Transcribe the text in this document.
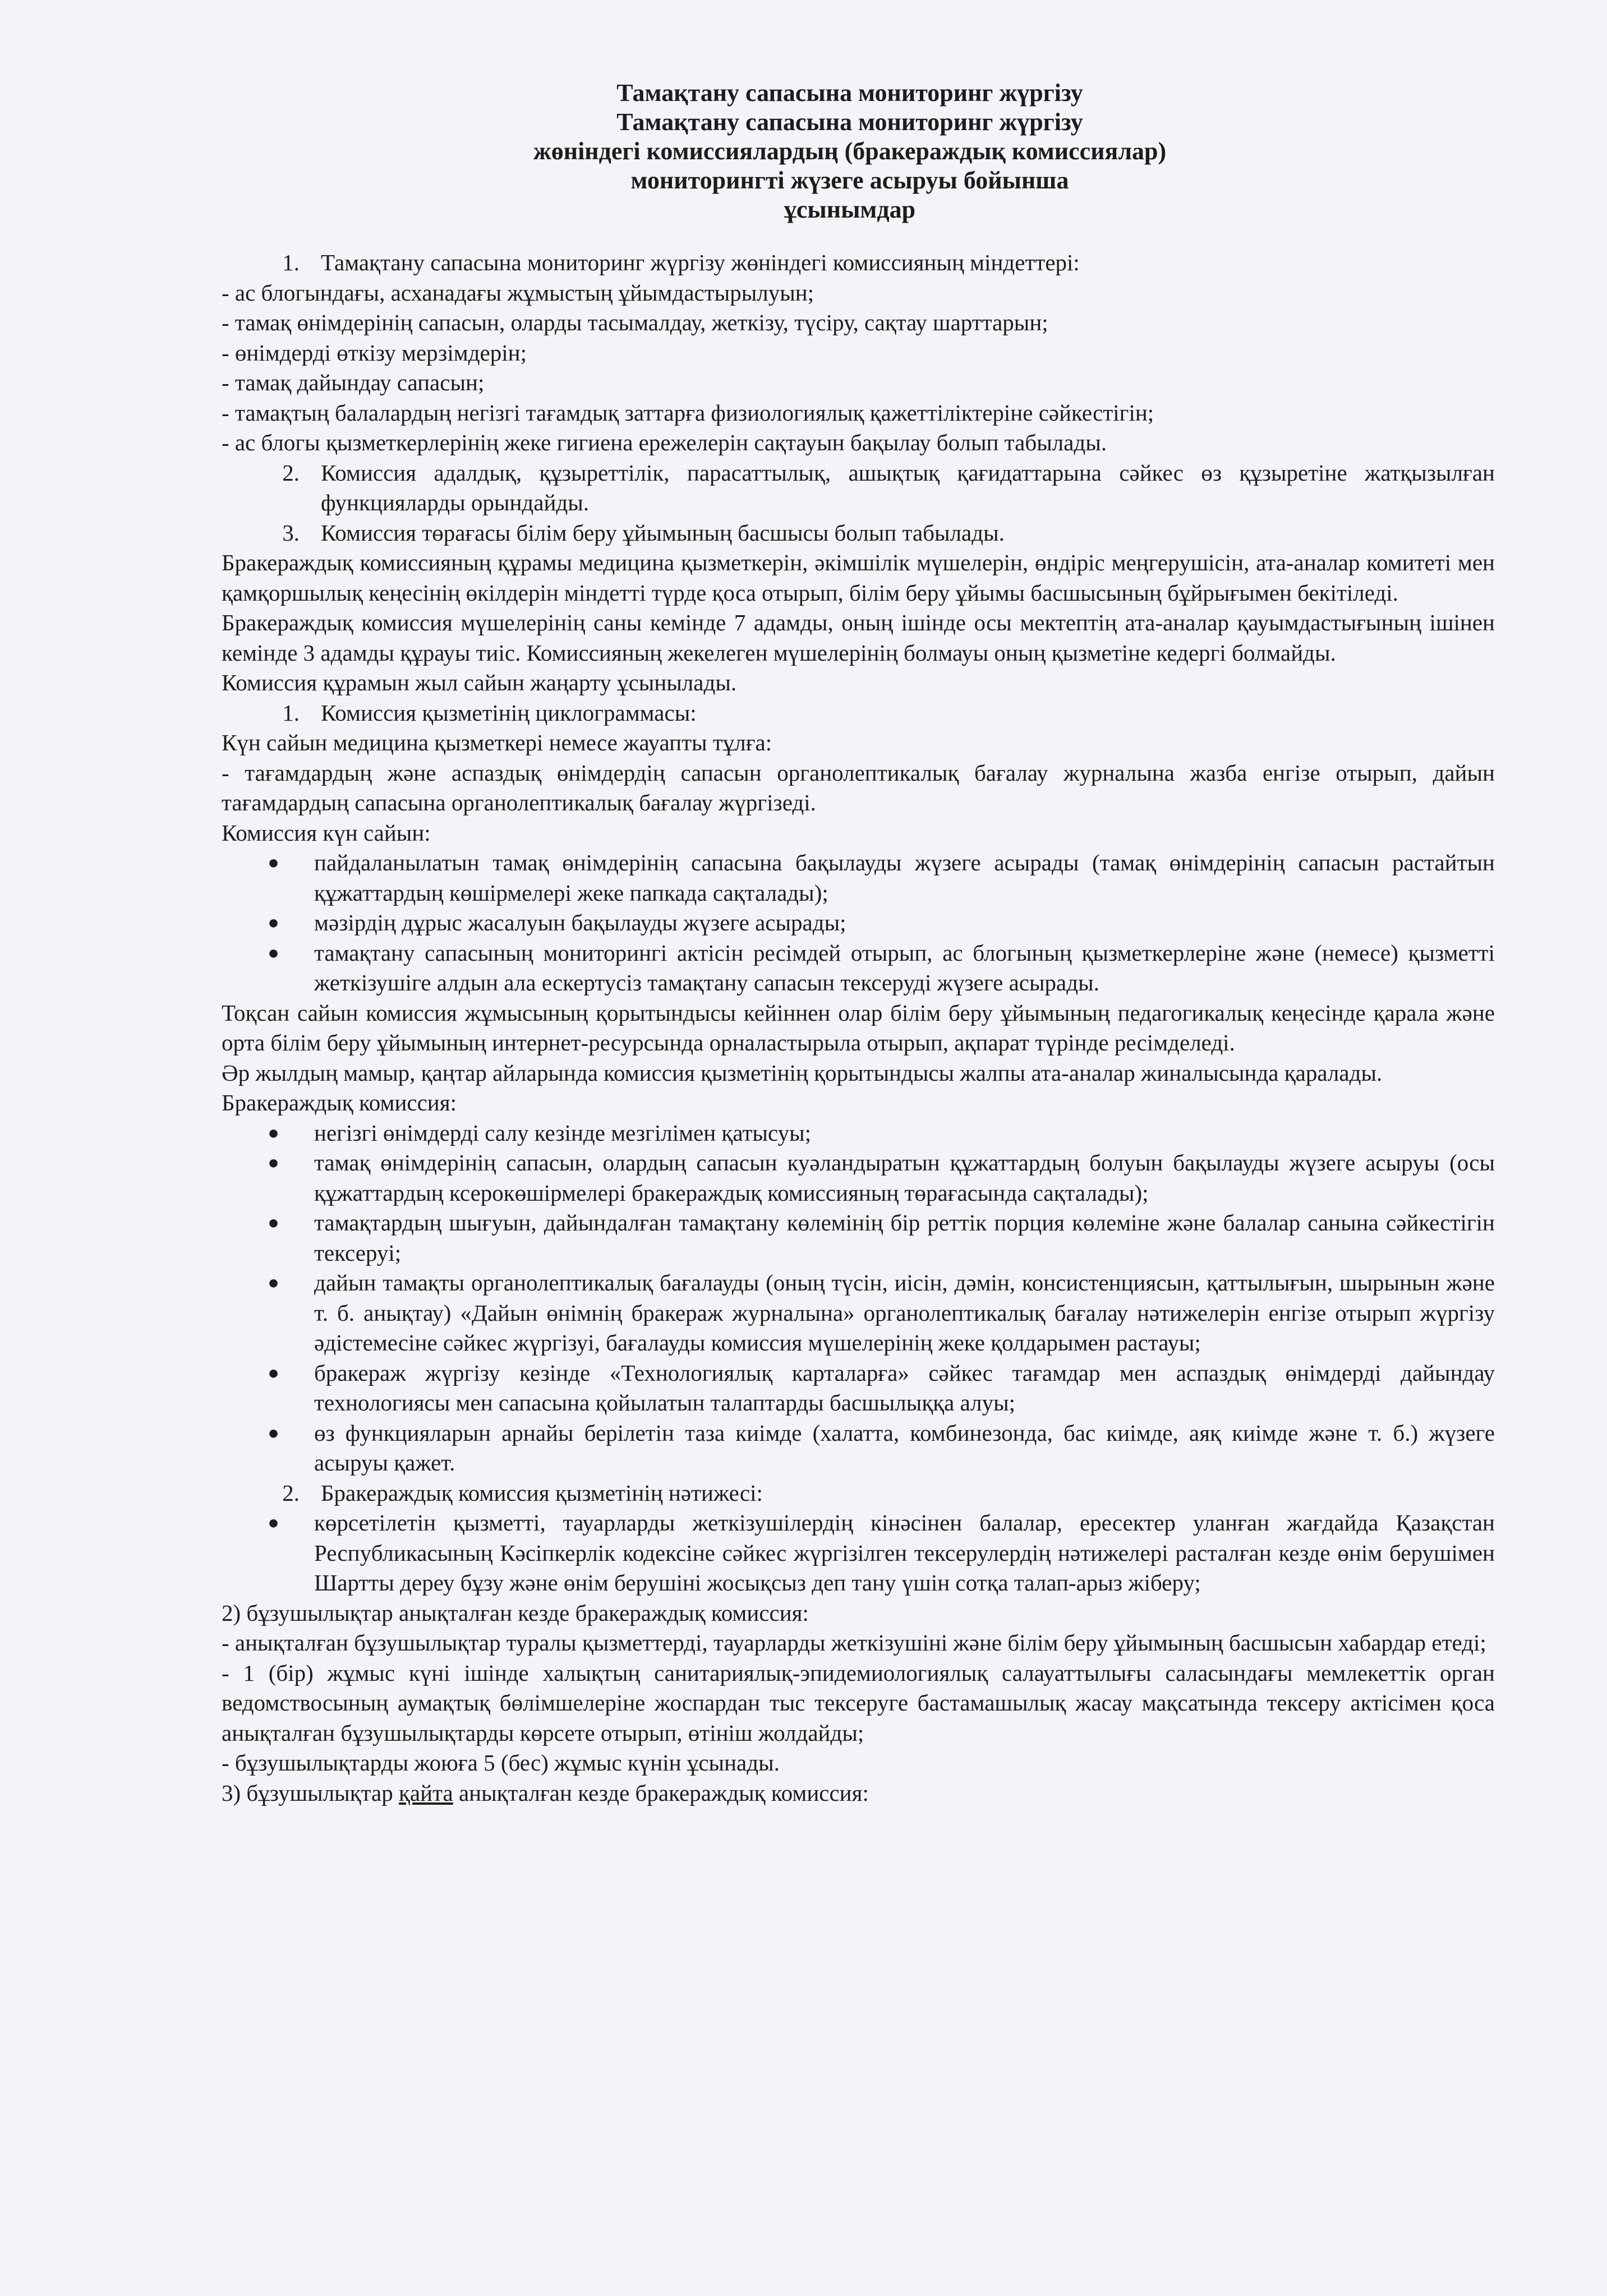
Тамақтану сапасына мониторинг жүргізу
Тамақтану сапасына мониторинг жүргізу
жөніндегі комиссиялардың (бракераждық комиссиялар)
мониторингті жүзеге асыруы бойынша
ұсынымдар
1. Тамақтану сапасына мониторинг жүргізу жөніндегі комиссияның міндеттері:

- ас блогындағы, асханадағы жұмыстың ұйымдастырылуын;

- тамақ өнімдерінің сапасын, оларды тасымалдау, жеткізу, түсіру, сақтау шарттарын;

- өнімдерді өткізу мерзімдерін;

- тамақ дайындау сапасын;

- тамақтың балалардың негізгі тағамдық заттарға физиологиялық қажеттіліктеріне сәйкестігін;

- ас блогы қызметкерлерінің жеке гигиена ережелерін сақтауын бақылау болып табылады.

2. Комиссия адалдық, құзыреттілік, парасаттылық, ашықтық қағидаттарына сәйкес өз құзыретіне жатқызылған функцияларды орындайды.
3. Комиссия төрағасы білім беру ұйымының басшысы болып табылады.

Бракераждық комиссияның құрамы медицина қызметкерін, әкімшілік мүшелерін, өндіріс меңгерушісін, ата-аналар комитеті мен қамқоршылық кеңесінің өкілдерін міндетті түрде қоса отырып, білім беру ұйымы басшысының бұйрығымен бекітіледі.

Бракераждық комиссия мүшелерінің саны кемінде 7 адамды, оның ішінде осы мектептің ата-аналар қауымдастығының ішінен кемінде 3 адамды құрауы тиіс. Комиссияның жекелеген мүшелерінің болмауы оның қызметіне кедергі болмайды.

Комиссия құрамын жыл сайын жаңарту ұсынылады.

1. Комиссия қызметінің циклограммасы:

Күн сайын медицина қызметкері немесе жауапты тұлға:

- тағамдардың және аспаздық өнімдердің сапасын органолептикалық бағалау журналына жазба енгізе отырып, дайын тағамдардың сапасына органолептикалық бағалау жүргізеді.

Комиссия күн сайын:

●	пайдаланылатын тамақ өнімдерінің сапасына бақылауды жүзеге асырады (тамақ өнімдерінің сапасын растайтын құжаттардың көшірмелері жеке папкада сақталады);
●	мәзірдің дұрыс жасалуын бақылауды жүзеге асырады;
●	тамақтану сапасының мониторингі актісін ресімдей отырып, ас блогының қызметкерлеріне және (немесе) қызметті жеткізушіге алдын ала ескертусіз тамақтану сапасын тексеруді жүзеге асырады.

Тоқсан сайын комиссия жұмысының қорытындысы кейіннен олар білім беру ұйымының педагогикалық кеңесінде қарала және орта білім беру ұйымының интернет-ресурсында орналастырыла отырып, ақпарат түрінде ресімделеді.

Әр жылдың мамыр, қаңтар айларында комиссия қызметінің қорытындысы жалпы ата-аналар жиналысында қаралады.

Бракераждық комиссия:

●	негізгі өнімдерді салу кезінде мезгілімен қатысуы;
●	тамақ өнімдерінің сапасын, олардың сапасын куәландыратын құжаттардың болуын бақылауды жүзеге асыруы (осы құжаттардың ксерокөшірмелері бракераждық комиссияның төрағасында сақталады);
●	тамақтардың шығуын, дайындалған тамақтану көлемінің бір реттік порция көлеміне және балалар санына сәйкестігін тексеруі;
●	дайын тамақты органолептикалық бағалауды (оның түсін, иісін, дәмін, консистенциясын, қаттылығын, шырынын және т. б. анықтау) «Дайын өнімнің бракераж журналына» органолептикалық бағалау нәтижелерін енгізе отырып жүргізу әдістемесіне сәйкес жүргізуі, бағалауды комиссия мүшелерінің жеке қолдарымен растауы;
●	бракераж жүргізу кезінде «Технологиялық карталарға» сәйкес тағамдар мен аспаздық өнімдерді дайындау технологиясы мен сапасына қойылатын талаптарды басшылыққа алуы;
●	өз функцияларын арнайы берілетін таза киімде (халатта, комбинезонда, бас киімде, аяқ киімде және т. б.) жүзеге асыруы қажет.
2. Бракераждық комиссия қызметінің нәтижесі:
●	көрсетілетін қызметті, тауарларды жеткізушілердің кінәсінен балалар, ересектер уланған жағдайда Қазақстан Республикасының Кәсіпкерлік кодексіне сәйкес жүргізілген тексерулердің нәтижелері расталған кезде өнім берушімен Шартты дереу бұзу және өнім берушіні жосықсыз деп тану үшін сотқа талап-арыз жіберу;

2) бұзушылықтар анықталған кезде бракераждық комиссия:

- анықталған бұзушылықтар туралы қызметтерді, тауарларды жеткізушіні және білім беру ұйымының басшысын хабардар етеді;

- 1 (бір) жұмыс күні ішінде халықтың санитариялық-эпидемиологиялық салауаттылығы саласындағы мемлекеттік орган ведомствосының аумақтық бөлімшелеріне жоспардан тыс тексеруге бастамашылық жасау мақсатында тексеру актісімен қоса анықталған бұзушылықтарды көрсете отырып, өтініш жолдайды;

- бұзушылықтарды жоюға 5 (бес) жұмыс күнін ұсынады.

3) бұзушылықтар қайта анықталған кезде бракераждық комиссия:
